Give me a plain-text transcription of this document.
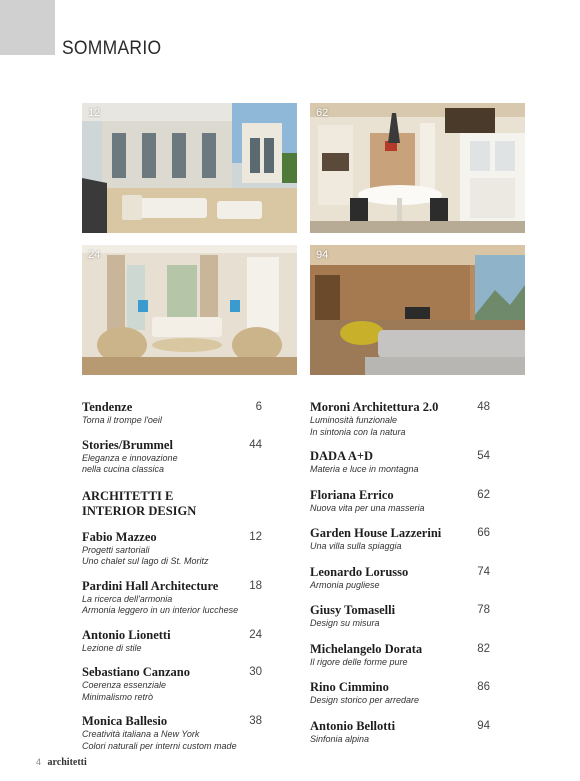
SOMMARIO
12	62
24	94
Tendenze	6
Torna il trompe l'oeil
Stories/Brummel	44
Eleganza e innovazione
nella cucina classica
ARCHITETTI E
INTERIOR DESIGN
Fabio Mazzeo	12
Progetti sartoriali
Uno chalet sul lago di St. Moritz
Pardini Hall Architecture	18
La ricerca dell'armonia
Armonia leggero in un interior lucchese
Antonio Lionetti	24
Lezione di stile
Sebastiano Canzano	30
Coerenza essenziale
Minimalismo retrò
Monica Ballesio	38
Creatività italiana a New York
Colori naturali per interni custom made
Moroni Architettura 2.0	48
Luminosità funzionale
In sintonia con la natura
DADA A+D	54
Materia e luce in montagna
Floriana Errico	62
Nuova vita per una masseria
Garden House Lazzerini	66
Una villa sulla spiaggia
Leonardo Lorusso	74
Armonia pugliese
Giusy Tomaselli	78
Design su misura
Michelangelo Dorata	82
Il rigore delle forme pure
Rino Cimmino	86
Design storico per arredare
Antonio Bellotti	94
Sinfonia alpina
4 architetti
